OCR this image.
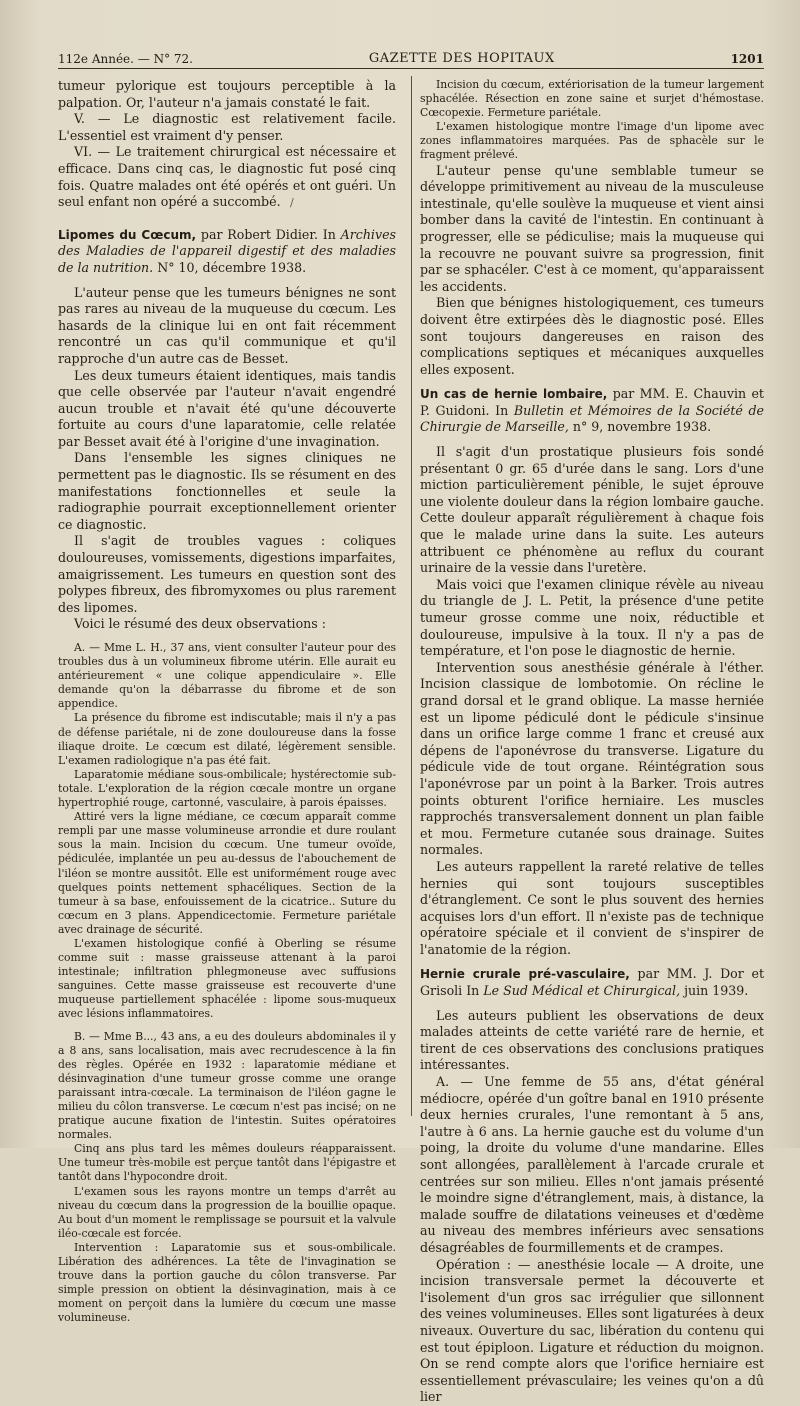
112e Année. — N° 72.	GAZETTE DES HOPITAUX	1201
/

tumeur pylorique est toujours perceptible à la palpation. Or, l'auteur n'a jamais constaté le fait.

V. — Le diagnostic est relativement facile. L'essentiel est vraiment d'y penser.

VI. — Le traitement chirurgical est nécessaire et efficace. Dans cinq cas, le diagnostic fut posé cinq fois. Quatre malades ont été opérés et ont guéri. Un seul enfant non opéré a succombé.

Lipomes du Cœcum, par Robert Didier. In Archives des Maladies de l'appareil digestif et des maladies de la nutrition. N° 10, décembre 1938.

L'auteur pense que les tumeurs bénignes ne sont pas rares au niveau de la muqueuse du cœcum. Les hasards de la clinique lui en ont fait récemment rencontré un cas qu'il communique et qu'il rapproche d'un autre cas de Besset.

Les deux tumeurs étaient identiques, mais tandis que celle observée par l'auteur n'avait engendré aucun trouble et n'avait été qu'une découverte fortuite au cours d'une laparatomie, celle relatée par Besset avait été à l'origine d'une invagination.

Dans l'ensemble les signes cliniques ne permettent pas le diagnostic. Ils se résument en des manifestations fonctionnelles et seule la radiographie pourrait exceptionnellement orienter ce diagnostic.

Il s'agit de troubles vagues : coliques douloureuses, vomissements, digestions imparfaites, amaigrissement. Les tumeurs en question sont des polypes fibreux, des fibromyxomes ou plus rarement des lipomes.

Voici le résumé des deux observations :

A. — Mme L. H., 37 ans, vient consulter l'auteur pour des troubles dus à un volumineux fibrome utérin. Elle aurait eu antérieurement « une colique appendiculaire ». Elle demande qu'on la débarrasse du fibrome et de son appendice.

La présence du fibrome est indiscutable; mais il n'y a pas de défense pariétale, ni de zone douloureuse dans la fosse iliaque droite. Le cœcum est dilaté, légèrement sensible. L'examen radiologique n'a pas été fait.

Laparatomie médiane sous-ombilicale; hystérectomie sub-totale. L'exploration de la région cœcale montre un organe hypertrophié rouge, cartonné, vasculaire, à parois épaisses.

Attiré vers la ligne médiane, ce cœcum apparaît comme rempli par une masse volumineuse arrondie et dure roulant sous la main. Incision du cœcum. Une tumeur ovoïde, pédiculée, implantée un peu au-dessus de l'abouchement de l'iléon se montre aussitôt. Elle est uniformément rouge avec quelques points nettement sphacéliques. Section de la tumeur à sa base, enfouissement de la cicatrice.. Suture du cœcum en 3 plans. Appendicectomie. Fermeture pariétale avec drainage de sécurité.

L'examen histologique confié à Oberling se résume comme suit : masse graisseuse attenant à la paroi intestinale; infiltration phlegmoneuse avec suffusions sanguines. Cette masse graisseuse est recouverte d'une muqueuse partiellement sphacélée : lipome sous-muqueux avec lésions inflammatoires.

B. — Mme B..., 43 ans, a eu des douleurs abdominales il y a 8 ans, sans localisation, mais avec recrudescence à la fin des règles. Opérée en 1932 : laparatomie médiane et désinvagination d'une tumeur grosse comme une orange paraissant intra-cœcale. La terminaison de l'iléon gagne le milieu du côlon transverse. Le cœcum n'est pas incisé; on ne pratique aucune fixation de l'intestin. Suites opératoires normales.

Cinq ans plus tard les mêmes douleurs réapparaissent. Une tumeur très-mobile est perçue tantôt dans l'épigastre et tantôt dans l'hypocondre droit.

L'examen sous les rayons montre un temps d'arrêt au niveau du cœcum dans la progression de la bouillie opaque. Au bout d'un moment le remplissage se poursuit et la valvule iléo-cœcale est forcée.

Intervention : Laparatomie sus et sous-ombilicale. Libération des adhérences. La tête de l'invagination se trouve dans la portion gauche du côlon transverse. Par simple pression on obtient la désinvagination, mais à ce moment on perçoit dans la lumière du cœcum une masse volumineuse.

Incision du cœcum, extériorisation de la tumeur largement sphacélée. Résection en zone saine et surjet d'hémostase. Cœcopexie. Fermeture pariétale.

L'examen histologique montre l'image d'un lipome avec zones inflammatoires marquées. Pas de sphacèle sur le fragment prélevé.

L'auteur pense qu'une semblable tumeur se développe primitivement au niveau de la musculeuse intestinale, qu'elle soulève la muqueuse et vient ainsi bomber dans la cavité de l'intestin. En continuant à progresser, elle se pédiculise; mais la muqueuse qui la recouvre ne pouvant suivre sa progression, finit par se sphacéler. C'est à ce moment, qu'apparaissent les accidents.

Bien que bénignes histologiquement, ces tumeurs doivent être extirpées dès le diagnostic posé. Elles sont toujours dangereuses en raison des complications septiques et mécaniques auxquelles elles exposent.

Un cas de hernie lombaire, par MM. E. Chauvin et P. Guidoni. In Bulletin et Mémoires de la Société de Chirurgie de Marseille, n° 9, novembre 1938.

Il s'agit d'un prostatique plusieurs fois sondé présentant 0 gr. 65 d'urée dans le sang. Lors d'une miction particulièrement pénible, le sujet éprouve une violente douleur dans la région lombaire gauche. Cette douleur apparaît régulièrement à chaque fois que le malade urine dans la suite. Les auteurs attribuent ce phénomène au reflux du courant urinaire de la vessie dans l'uretère.

Mais voici que l'examen clinique révèle au niveau du triangle de J. L. Petit, la présence d'une petite tumeur grosse comme une noix, réductible et douloureuse, impulsive à la toux. Il n'y a pas de température, et l'on pose le diagnostic de hernie.

Intervention sous anesthésie générale à l'éther. Incision classique de lombotomie. On récline le grand dorsal et le grand oblique. La masse herniée est un lipome pédiculé dont le pédicule s'insinue dans un orifice large comme 1 franc et creusé aux dépens de l'aponévrose du transverse. Ligature du pédicule vide de tout organe. Réintégration sous l'aponévrose par un point à la Barker. Trois autres points obturent l'orifice herniaire. Les muscles rapprochés transversalement donnent un plan faible et mou. Fermeture cutanée sous drainage. Suites normales.

Les auteurs rappellent la rareté relative de telles hernies qui sont toujours susceptibles d'étranglement. Ce sont le plus souvent des hernies acquises lors d'un effort. Il n'existe pas de technique opératoire spéciale et il convient de s'inspirer de l'anatomie de la région.

Hernie crurale pré-vasculaire, par MM. J. Dor et Grisoli In Le Sud Médical et Chirurgical, juin 1939.

Les auteurs publient les observations de deux malades atteints de cette variété rare de hernie, et tirent de ces observations des conclusions pratiques intéressantes.

A. — Une femme de 55 ans, d'état général médiocre, opérée d'un goître banal en 1910 présente deux hernies crurales, l'une remontant à 5 ans, l'autre à 6 ans. La hernie gauche est du volume d'un poing, la droite du volume d'une mandarine. Elles sont allongées, parallèlement à l'arcade crurale et centrées sur son milieu. Elles n'ont jamais présenté le moindre signe d'étranglement, mais, à distance, la malade souffre de dilatations veineuses et d'œdème au niveau des membres inférieurs avec sensations désagréables de fourmillements et de crampes.

Opération : — anesthésie locale — A droite, une incision transversale permet la découverte et l'isolement d'un gros sac irrégulier que sillonnent des veines volumineuses. Elles sont ligaturées à deux niveaux. Ouverture du sac, libération du contenu qui est tout épiploon. Ligature et réduction du moignon. On se rend compte alors que l'orifice herniaire est essentiellement prévasculaire; les veines qu'on a dû lier
